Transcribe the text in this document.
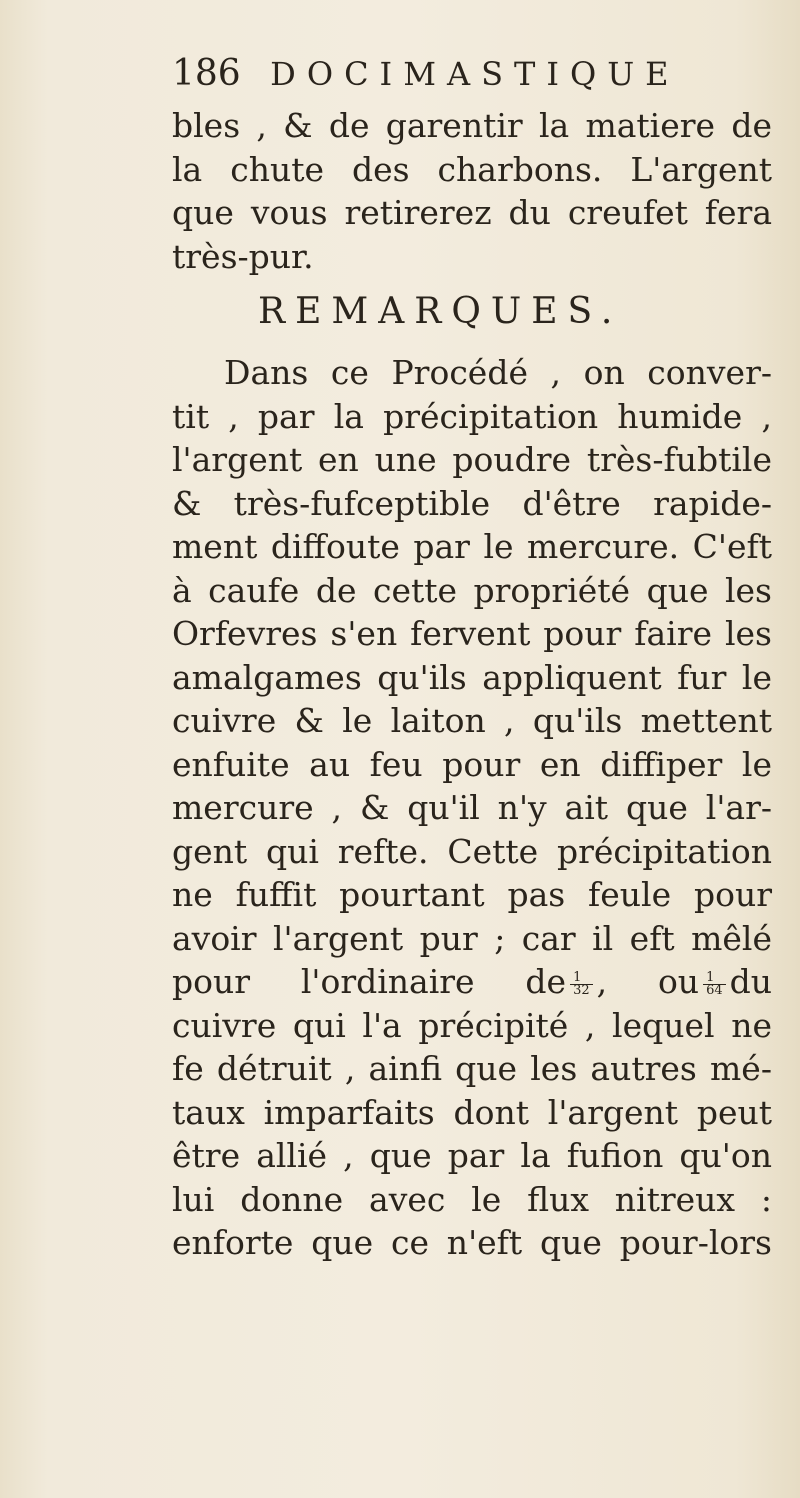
186 DOCIMASTIQUE
bles , & de garentir la matiere de
la chute des charbons. L'argent
que vous retirerez du creufet fera
très-pur.
REMARQUES.
Dans ce Procédé , on conver-
tit , par la précipitation humide ,
l'argent en une poudre très-fubtile
& très-fufceptible d'être rapide-
ment diffoute par le mercure. C'eft
à caufe de cette propriété que les
Orfevres s'en fervent pour faire les
amalgames qu'ils appliquent fur le
cuivre & le laiton , qu'ils mettent
enfuite au feu pour en diffiper le
mercure , & qu'il n'y ait que l'ar-
gent qui refte. Cette précipitation
ne fuffit pourtant pas feule pour
avoir l'argent pur ; car il eft mêlé
pour l'ordinaire de $\frac{1}{32}$ , ou $\frac{1}{64}$ du
cuivre qui l'a précipité , lequel ne
fe détruit , ainfi que les autres mé-
taux imparfaits dont l'argent peut
être allié , que par la fufion qu'on
lui donne avec le flux nitreux :
enforte que ce n'eft que pour-lors
